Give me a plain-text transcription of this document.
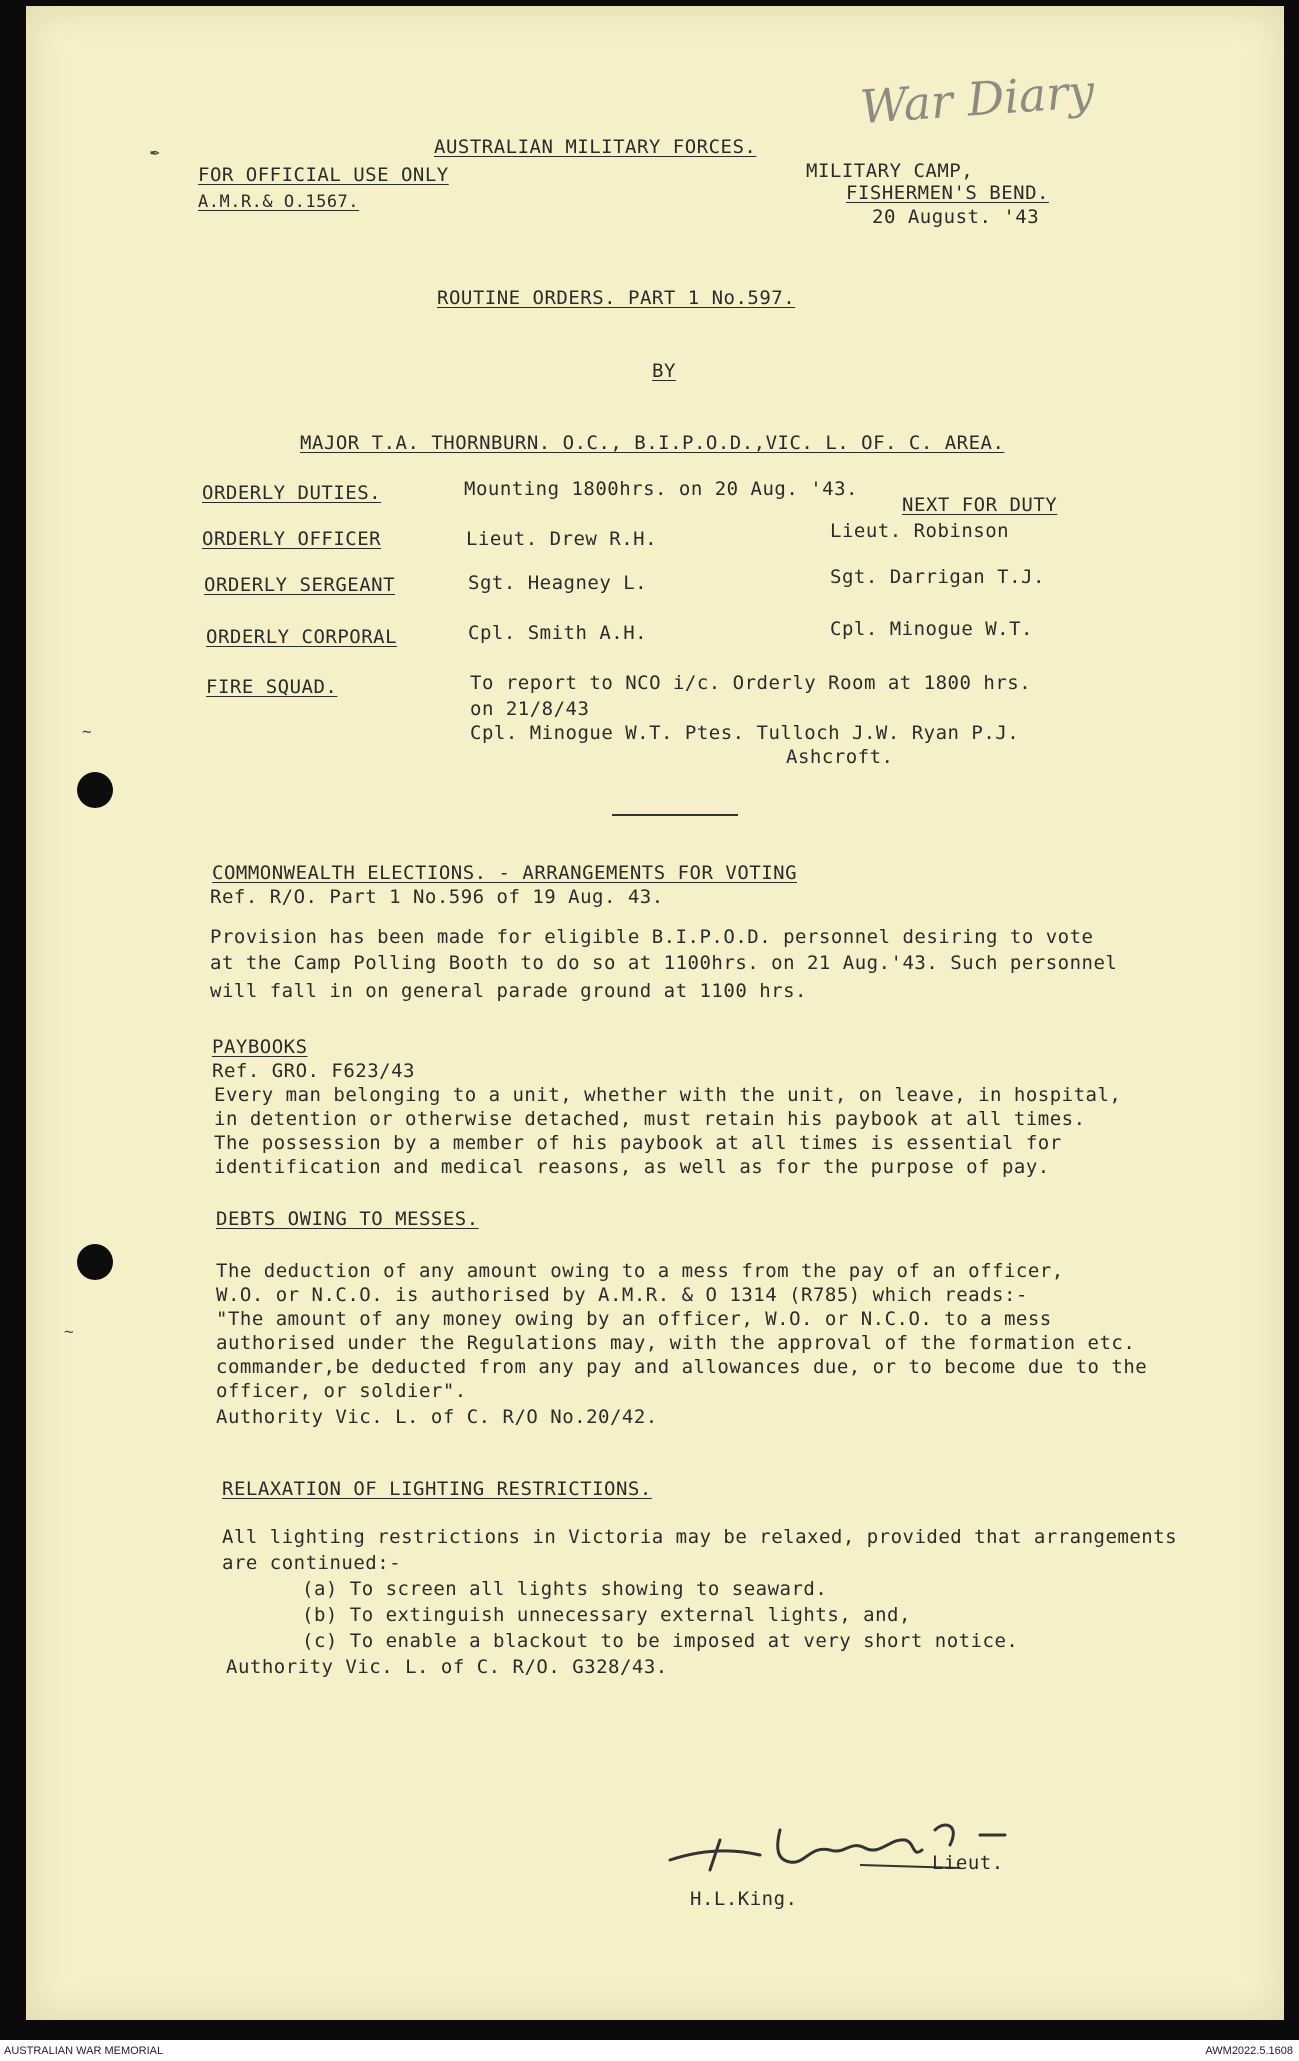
~
~
✒
War Diary
AUSTRALIAN MILITARY FORCES.
FOR OFFICIAL USE ONLY
A.M.R.& O.1567.
MILITARY CAMP,
FISHERMEN'S BEND.
20 August. '43
ROUTINE ORDERS. PART 1 No.597.
BY
MAJOR T.A. THORNBURN. O.C., B.I.P.O.D.,VIC. L. OF. C. AREA.
ORDERLY DUTIES.	Mounting 1800hrs. on 20 Aug. '43.
NEXT FOR DUTY
ORDERLY OFFICER	Lieut. Drew R.H.	Lieut. Robinson
ORDERLY SERGEANT	Sgt. Heagney L.	Sgt. Darrigan T.J.
ORDERLY CORPORAL	Cpl. Smith A.H.	Cpl. Minogue W.T.
FIRE SQUAD.	To report to NCO i/c. Orderly Room at 1800 hrs.
on 21/8/43
Cpl. Minogue W.T. Ptes. Tulloch J.W. Ryan P.J.
Ashcroft.
COMMONWEALTH ELECTIONS. - ARRANGEMENTS FOR VOTING
Ref. R/O. Part 1 No.596 of 19 Aug. 43.
Provision has been made for eligible B.I.P.O.D. personnel desiring to vote
at the Camp Polling Booth to do so at 1100hrs. on 21 Aug.'43. Such personnel
will fall in on general parade ground at 1100 hrs.
PAYBOOKS
Ref. GRO. F623/43
Every man belonging to a unit, whether with the unit, on leave, in hospital,
in detention or otherwise detached, must retain his paybook at all times.
The possession by a member of his paybook at all times is essential for
identification and medical reasons, as well as for the purpose of pay.
DEBTS OWING TO MESSES.
The deduction of any amount owing to a mess from the pay of an officer,
W.O. or N.C.O. is authorised by A.M.R. & O 1314 (R785) which reads:-
"The amount of any money owing by an officer, W.O. or N.C.O. to a mess
authorised under the Regulations may, with the approval of the formation etc.
commander,be deducted from any pay and allowances due, or to become due to the
officer, or soldier".
Authority Vic. L. of C. R/O No.20/42.
RELAXATION OF LIGHTING RESTRICTIONS.
All lighting restrictions in Victoria may be relaxed, provided that arrangements
are continued:-
(a) To screen all lights showing to seaward.
(b) To extinguish unnecessary external lights, and,
(c) To enable a blackout to be imposed at very short notice.
Authority Vic. L. of C. R/O. G328/43.
Lieut.
H.L.King.
AUSTRALIAN WAR MEMORIAL	AWM2022.5.1608
